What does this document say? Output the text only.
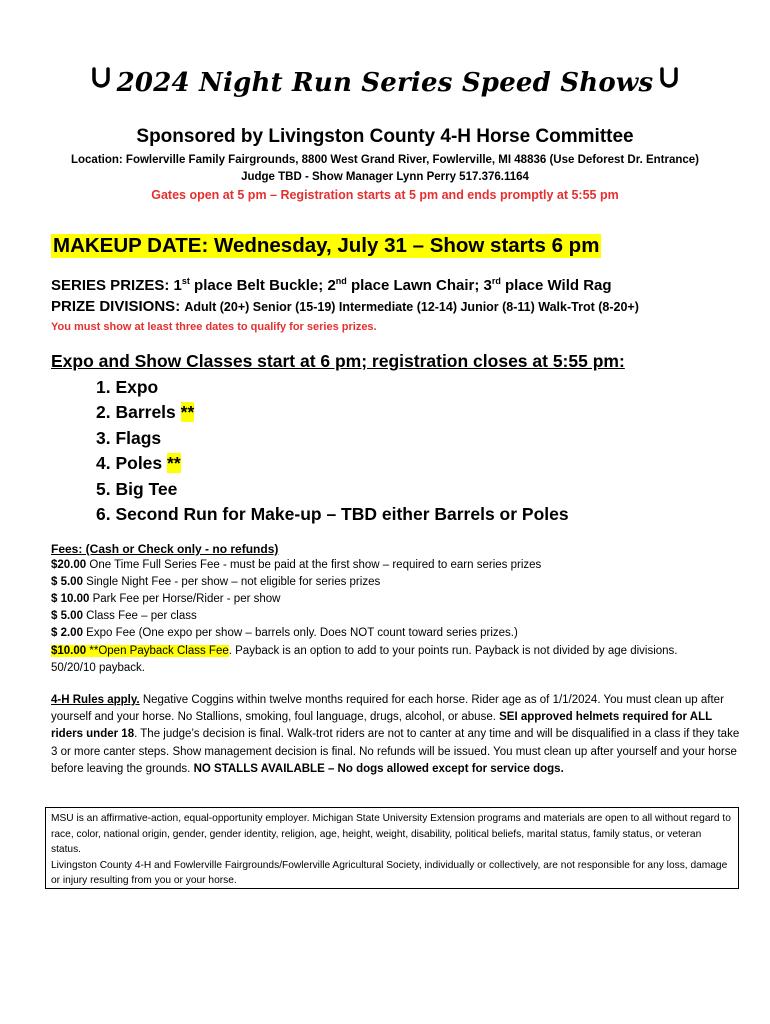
2024 Night Run Series Speed Shows
Sponsored by Livingston County 4-H Horse Committee
Location: Fowlerville Family Fairgrounds, 8800 West Grand River, Fowlerville, MI 48836 (Use Deforest Dr. Entrance)
Judge TBD - Show Manager Lynn Perry 517.376.1164
Gates open at 5 pm – Registration starts at 5 pm and ends promptly at 5:55 pm
MAKEUP DATE: Wednesday, July 31 – Show starts 6 pm
SERIES PRIZES: 1st place Belt Buckle; 2nd place Lawn Chair; 3rd place Wild Rag
PRIZE DIVISIONS: Adult (20+) Senior (15-19) Intermediate (12-14) Junior (8-11) Walk-Trot (8-20+)
You must show at least three dates to qualify for series prizes.
Expo and Show Classes start at 6 pm; registration closes at 5:55 pm:
1. Expo
2. Barrels **
3. Flags
4. Poles **
5. Big Tee
6. Second Run for Make-up – TBD either Barrels or Poles
Fees: (Cash or Check only - no refunds)
$20.00 One Time Full Series Fee - must be paid at the first show – required to earn series prizes
$ 5.00 Single Night Fee - per show – not eligible for series prizes
$ 10.00 Park Fee per Horse/Rider - per show
$ 5.00 Class Fee – per class
$ 2.00 Expo Fee (One expo per show – barrels only. Does NOT count toward series prizes.)
$10.00 **Open Payback Class Fee. Payback is an option to add to your points run. Payback is not divided by age divisions.
50/20/10 payback.
4-H Rules apply. Negative Coggins within twelve months required for each horse. Rider age as of 1/1/2024. You must clean up after yourself and your horse. No Stallions, smoking, foul language, drugs, alcohol, or abuse. SEI approved helmets required for ALL riders under 18. The judge’s decision is final. Walk-trot riders are not to canter at any time and will be disqualified in a class if they take 3 or more canter steps. Show management decision is final. No refunds will be issued. You must clean up after yourself and your horse before leaving the grounds. NO STALLS AVAILABLE – No dogs allowed except for service dogs.
MSU is an affirmative-action, equal-opportunity employer. Michigan State University Extension programs and materials are open to all without regard to race, color, national origin, gender, gender identity, religion, age, height, weight, disability, political beliefs, marital status, family status, or veteran status.
Livingston County 4-H and Fowlerville Fairgrounds/Fowlerville Agricultural Society, individually or collectively, are not responsible for any loss, damage or injury resulting from you or your horse.
